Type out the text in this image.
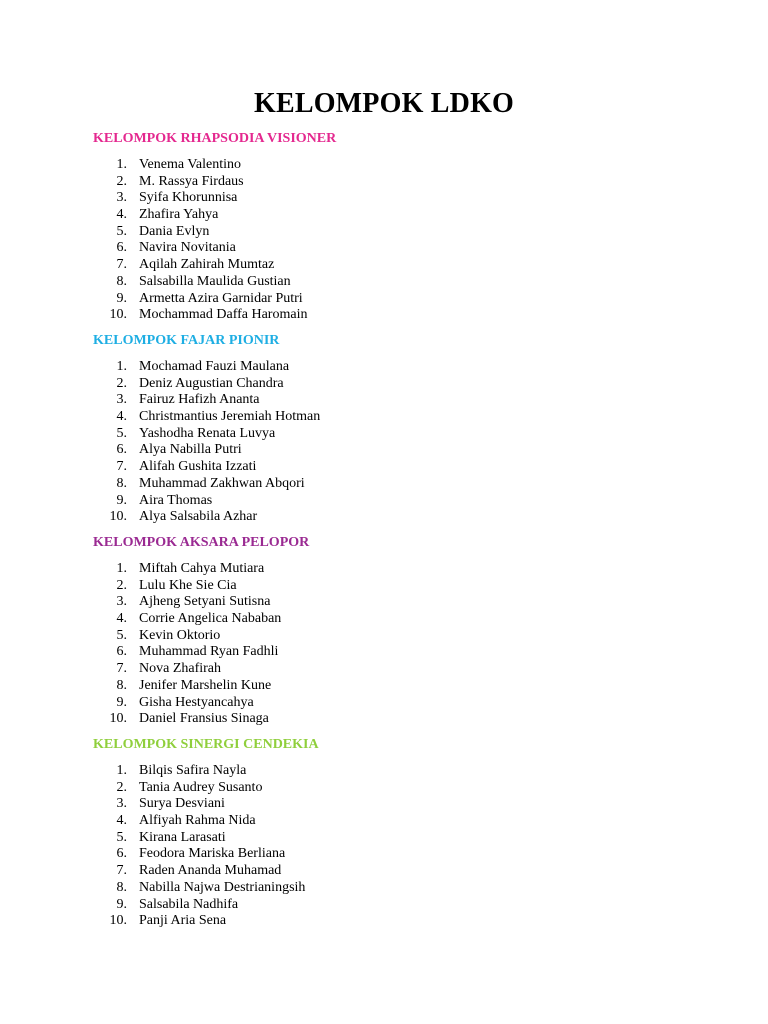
KELOMPOK LDKO
KELOMPOK RHAPSODIA VISIONER
1. Venema Valentino
2. M. Rassya Firdaus
3. Syifa Khorunnisa
4. Zhafira Yahya
5. Dania Evlyn
6. Navira Novitania
7. Aqilah Zahirah Mumtaz
8. Salsabilla Maulida Gustian
9. Armetta Azira Garnidar Putri
10. Mochammad Daffa Haromain
KELOMPOK FAJAR PIONIR
1. Mochamad Fauzi Maulana
2. Deniz Augustian Chandra
3. Fairuz Hafizh Ananta
4. Christmantius Jeremiah Hotman
5. Yashodha Renata Luvya
6. Alya Nabilla Putri
7. Alifah Gushita Izzati
8. Muhammad Zakhwan Abqori
9. Aira Thomas
10. Alya Salsabila Azhar
KELOMPOK AKSARA PELOPOR
1. Miftah Cahya Mutiara
2. Lulu Khe Sie Cia
3. Ajheng Setyani Sutisna
4. Corrie Angelica Nababan
5. Kevin Oktorio
6. Muhammad Ryan Fadhli
7. Nova Zhafirah
8. Jenifer Marshelin Kune
9. Gisha Hestyancahya
10. Daniel Fransius Sinaga
KELOMPOK SINERGI CENDEKIA
1. Bilqis Safira Nayla
2. Tania Audrey Susanto
3. Surya Desviani
4. Alfiyah Rahma Nida
5. Kirana Larasati
6. Feodora Mariska Berliana
7. Raden Ananda Muhamad
8. Nabilla Najwa Destrianingsih
9. Salsabila Nadhifa
10. Panji Aria Sena
